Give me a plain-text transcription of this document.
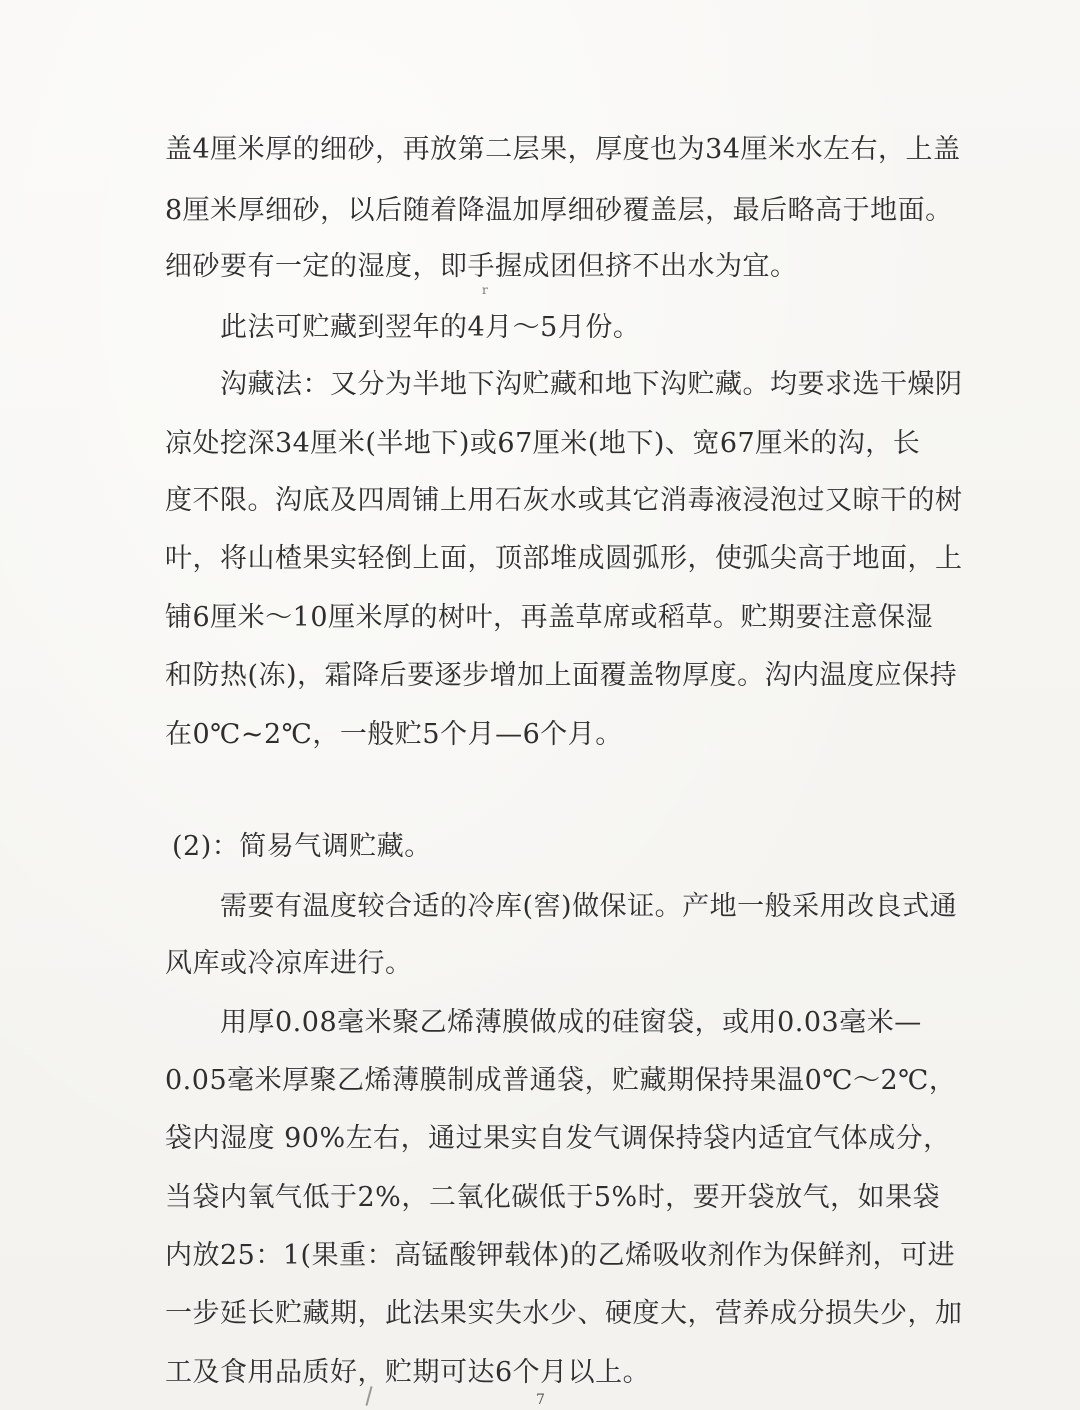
盖4厘米厚的细砂，再放第二层果，厚度也为34厘米水左右，上盖
8厘米厚细砂，以后随着降温加厚细砂覆盖层，最后略高于地面。
细砂要有一定的湿度，即手握成团但挤不出水为宜。
r
此法可贮藏到翌年的4月～5月份。
沟藏法：又分为半地下沟贮藏和地下沟贮藏。均要求选干燥阴
凉处挖深34厘米(半地下)或67厘米(地下)、宽67厘米的沟，长
度不限。沟底及四周铺上用石灰水或其它消毒液浸泡过又晾干的树
叶，将山楂果实轻倒上面，顶部堆成圆弧形，使弧尖高于地面，上
铺6厘米～10厘米厚的树叶，再盖草席或稻草。贮期要注意保湿
和防热(冻)，霜降后要逐步增加上面覆盖物厚度。沟内温度应保持
在0℃~2℃，一般贮5个月—6个月。
(2)：简易气调贮藏。
需要有温度较合适的冷库(窖)做保证。产地一般采用改良式通
风库或冷凉库进行。
用厚0.08毫米聚乙烯薄膜做成的硅窗袋，或用0.03毫米—
0.05毫米厚聚乙烯薄膜制成普通袋，贮藏期保持果温0℃～2℃，
袋内湿度 90%左右，通过果实自发气调保持袋内适宜气体成分，
当袋内氧气低于2%，二氧化碳低于5%时，要开袋放气，如果袋
内放25：1(果重：高锰酸钾载体)的乙烯吸收剂作为保鲜剂，可进
一步延长贮藏期，此法果实失水少、硬度大，营养成分损失少，加
工及食用品质好，贮期可达6个月以上。
7
